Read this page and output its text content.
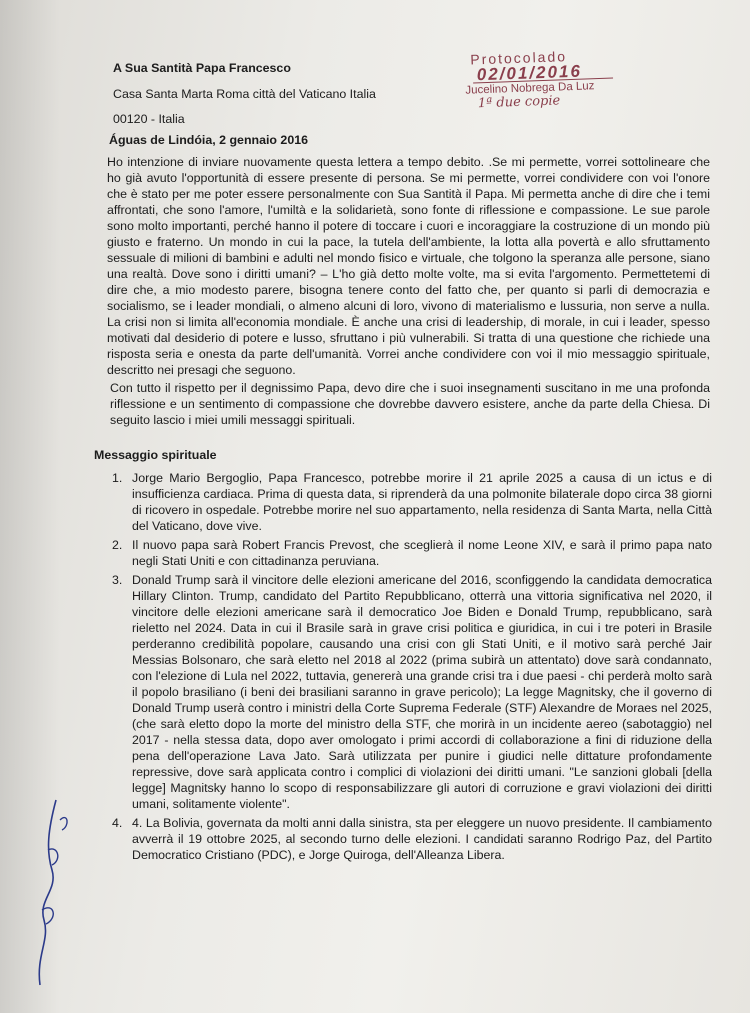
A Sua Santità Papa Francesco
Casa Santa Marta Roma città del Vaticano Italia
00120 - Italia
Águas de Lindóia, 2 gennaio 2016
Protocolado
02/01/2016
Jucelino Nobrega Da Luz
1ª due copie
Ho intenzione di inviare nuovamente questa lettera a tempo debito. .Se mi permette, vorrei sottolineare che ho già avuto l'opportunità di essere presente di persona. Se mi permette, vorrei condividere con voi l'onore che è stato per me poter essere personalmente con Sua Santità il Papa. Mi permetta anche di dire che i temi affrontati, che sono l'amore, l'umiltà e la solidarietà, sono fonte di riflessione e compassione. Le sue parole sono molto importanti, perché hanno il potere di toccare i cuori e incoraggiare la costruzione di un mondo più giusto e fraterno. Un mondo in cui la pace, la tutela dell'ambiente, la lotta alla povertà e allo sfruttamento sessuale di milioni di bambini e adulti nel mondo fisico e virtuale, che tolgono la speranza alle persone, siano una realtà. Dove sono i diritti umani? – L'ho già detto molte volte, ma si evita l'argomento. Permettetemi di dire che, a mio modesto parere, bisogna tenere conto del fatto che, per quanto si parli di democrazia e socialismo, se i leader mondiali, o almeno alcuni di loro, vivono di materialismo e lussuria, non serve a nulla. La crisi non si limita all'economia mondiale. È anche una crisi di leadership, di morale, in cui i leader, spesso motivati dal desiderio di potere e lusso, sfruttano i più vulnerabili. Si tratta di una questione che richiede una risposta seria e onesta da parte dell'umanità. Vorrei anche condividere con voi il mio messaggio spirituale, descritto nei presagi che seguono.
Con tutto il rispetto per il degnissimo Papa, devo dire che i suoi insegnamenti suscitano in me una profonda riflessione e un sentimento di compassione che dovrebbe davvero esistere, anche da parte della Chiesa. Di seguito lascio i miei umili messaggi spirituali.
Messaggio spirituale
1. Jorge Mario Bergoglio, Papa Francesco, potrebbe morire il 21 aprile 2025 a causa di un ictus e di insufficienza cardiaca. Prima di questa data, si riprenderà da una polmonite bilaterale dopo circa 38 giorni di ricovero in ospedale. Potrebbe morire nel suo appartamento, nella residenza di Santa Marta, nella Città del Vaticano, dove vive.
2. Il nuovo papa sarà Robert Francis Prevost, che sceglierà il nome Leone XIV, e sarà il primo papa nato negli Stati Uniti e con cittadinanza peruviana.
3. Donald Trump sarà il vincitore delle elezioni americane del 2016, sconfiggendo la candidata democratica Hillary Clinton. Trump, candidato del Partito Repubblicano, otterrà una vittoria significativa nel 2020, il vincitore delle elezioni americane sarà il democratico Joe Biden e Donald Trump, repubblicano, sarà rieletto nel 2024. Data in cui il Brasile sarà in grave crisi politica e giuridica, in cui i tre poteri in Brasile perderanno credibilità popolare, causando una crisi con gli Stati Uniti, e il motivo sarà perché Jair Messias Bolsonaro, che sarà eletto nel 2018 al 2022 (prima subirà un attentato) dove sarà condannato, con l'elezione di Lula nel 2022, tuttavia, genererà una grande crisi tra i due paesi - chi perderà molto sarà il popolo brasiliano (i beni dei brasiliani saranno in grave pericolo); La legge Magnitsky, che il governo di Donald Trump userà contro i ministri della Corte Suprema Federale (STF) Alexandre de Moraes nel 2025, (che sarà eletto dopo la morte del ministro della STF, che morirà in un incidente aereo (sabotaggio) nel 2017 - nella stessa data, dopo aver omologato i primi accordi di collaborazione a fini di riduzione della pena dell'operazione Lava Jato. Sarà utilizzata per punire i giudici nelle dittature profondamente repressive, dove sarà applicata contro i complici di violazioni dei diritti umani. "Le sanzioni globali [della legge] Magnitsky hanno lo scopo di responsabilizzare gli autori di corruzione e gravi violazioni dei diritti umani, solitamente violente".
4. 4. La Bolivia, governata da molti anni dalla sinistra, sta per eleggere un nuovo presidente. Il cambiamento avverrà il 19 ottobre 2025, al secondo turno delle elezioni. I candidati saranno Rodrigo Paz, del Partito Democratico Cristiano (PDC), e Jorge Quiroga, dell'Alleanza Libera.
